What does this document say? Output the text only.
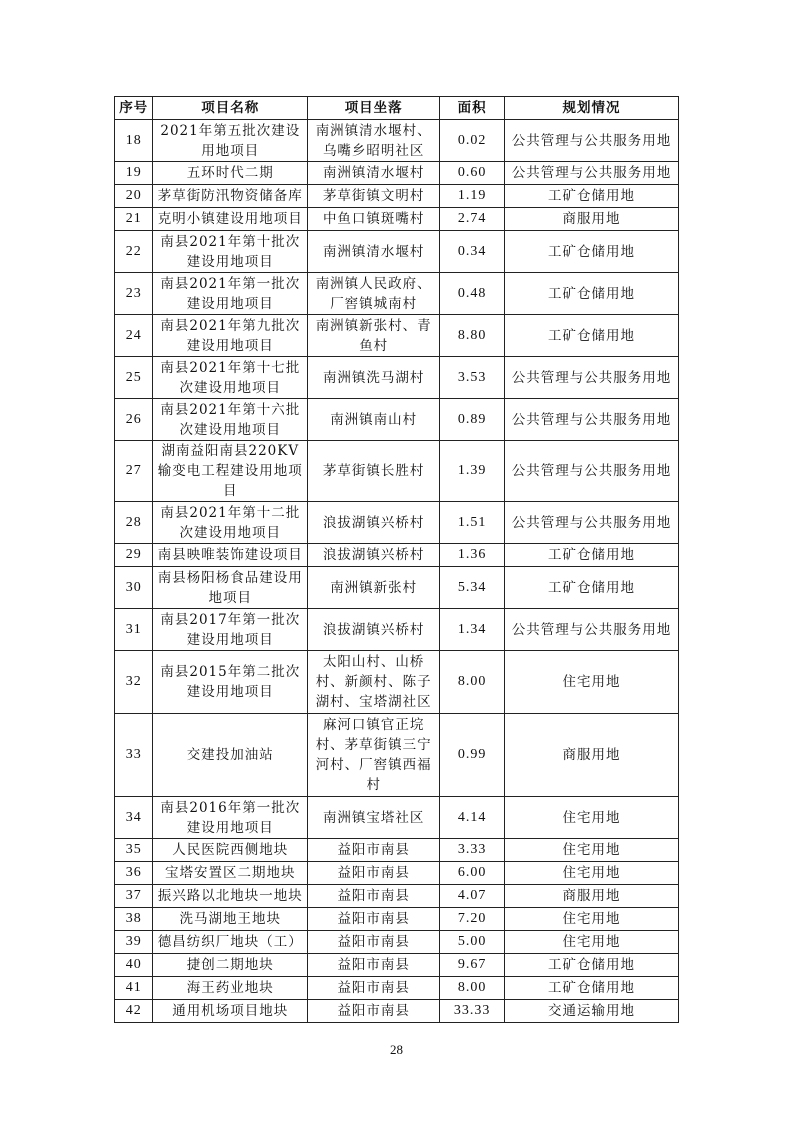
序号	项目名称	项目坐落	面积	规划情况
18	2021年第五批次建设用地项目	南洲镇清水堰村、乌嘴乡昭明社区	0.02	公共管理与公共服务用地
19	五环时代二期	南洲镇清水堰村	0.60	公共管理与公共服务用地
20	茅草街防汛物资储备库	茅草街镇文明村	1.19	工矿仓储用地
21	克明小镇建设用地项目	中鱼口镇斑嘴村	2.74	商服用地
22	南县2021年第十批次建设用地项目	南洲镇清水堰村	0.34	工矿仓储用地
23	南县2021年第一批次建设用地项目	南洲镇人民政府、厂窖镇城南村	0.48	工矿仓储用地
24	南县2021年第九批次建设用地项目	南洲镇新张村、青鱼村	8.80	工矿仓储用地
25	南县2021年第十七批次建设用地项目	南洲镇洗马湖村	3.53	公共管理与公共服务用地
26	南县2021年第十六批次建设用地项目	南洲镇南山村	0.89	公共管理与公共服务用地
27	湖南益阳南县220KV输变电工程建设用地项目	茅草街镇长胜村	1.39	公共管理与公共服务用地
28	南县2021年第十二批次建设用地项目	浪拔湖镇兴桥村	1.51	公共管理与公共服务用地
29	南县映唯装饰建设项目	浪拔湖镇兴桥村	1.36	工矿仓储用地
30	南县杨阳杨食品建设用地项目	南洲镇新张村	5.34	工矿仓储用地
31	南县2017年第一批次建设用地项目	浪拔湖镇兴桥村	1.34	公共管理与公共服务用地
32	南县2015年第二批次建设用地项目	太阳山村、山桥村、新颜村、陈子湖村、宝塔湖社区	8.00	住宅用地
33	交建投加油站	麻河口镇官正垸村、茅草街镇三宁河村、厂窖镇西福村	0.99	商服用地
34	南县2016年第一批次建设用地项目	南洲镇宝塔社区	4.14	住宅用地
35	人民医院西侧地块	益阳市南县	3.33	住宅用地
36	宝塔安置区二期地块	益阳市南县	6.00	住宅用地
37	振兴路以北地块一地块	益阳市南县	4.07	商服用地
38	洗马湖地王地块	益阳市南县	7.20	住宅用地
39	德昌纺织厂地块（工）	益阳市南县	5.00	住宅用地
40	捷创二期地块	益阳市南县	9.67	工矿仓储用地
41	海王药业地块	益阳市南县	8.00	工矿仓储用地
42	通用机场项目地块	益阳市南县	33.33	交通运输用地
28
